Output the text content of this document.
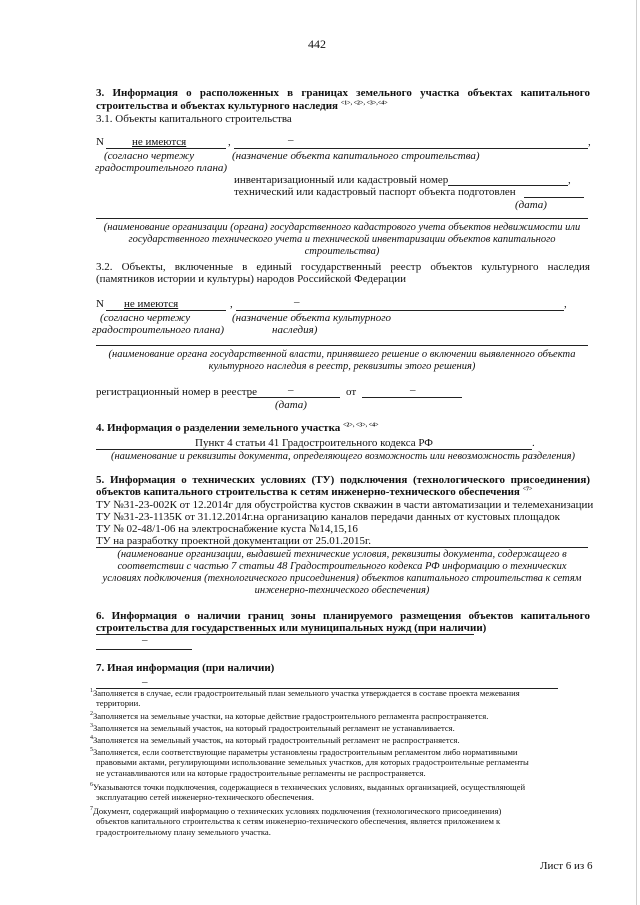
442
3. Информация о расположенных в границах земельного участка объектах капитального
строительства и объектах культурного наследия $^{<1>, <2>, <3>,<4>}$
3.1. Объекты капитального строительства
N	не имеются	,	–	,
(согласно чертежу
градостроительного плана)
(назначение объекта капитального строительства)
инвентаризационный или кадастровый номер	,
технический или кадастровый паспорт объекта подготовлен
(дата)
(наименование организации (органа) государственного кадастрового учета объектов недвижимости или
государственного технического учета и технической инвентаризации объектов капитального
строительства)
3.2. Объекты, включенные в единый государственный реестр объектов культурного наследия
(памятников истории и культуры) народов Российской Федерации
N не имеются	,	–	,
(согласно чертежу
градостроительного плана)
(назначение объекта культурного
наследия)
(наименование органа государственной власти, принявшего решение о включении выявленного объекта
культурного наследия в реестр, реквизиты этого решения)
регистрационный номер в реестре	–	от	–
(дата)
4. Информация о разделении земельного участка $^{<2>, <3>, <4>}$
Пункт 4 статьи 41 Градостроительного кодекса РФ	.
(наименование и реквизиты документа, определяющего возможность или невозможность разделения)
5. Информация о технических условиях (ТУ) подключения (технологического присоединения)
объектов капитального строительства к сетям инженерно-технического обеспечения $^{<7>}$
ТУ №31-23-002К от 12.2014г для обустройства кустов скважин в части автоматизации и телемеханизации
ТУ №31-23-1135К от 31.12.2014г.на организацию каналов передачи данных от кустовых площадок
ТУ № 02-48/1-06 на электроснабжение куста №14,15,16
ТУ на разработку проектной документации от 25.01.2015г.
(наименование организации, выдавшей технические условия, реквизиты документа, содержащего в
соответствии с частью 7 статьи 48 Градостроительного кодекса РФ информацию о технических
условиях подключения (технологического присоединения) объектов капитального строительства к сетям
инженерно-технического обеспечения)
6. Информация о наличии границ зоны планируемого размещения объектов капитального
строительства для государственных или муниципальных нужд (при наличии)
–
7. Иная информация (при наличии)
–
$^1$Заполняется в случае, если градостроительный план земельного участка утверждается в составе проекта межевания
территории.
$^2$Заполняется на земельные участки, на которые действие градостроительного регламента распространяется.
$^3$Заполняется на земельный участок, на который градостроительный регламент не устанавливается.
$^4$Заполняется на земельный участок, на который градостроительный регламент не распространяется.
$^5$Заполняется, если соответствующие параметры установлены градостроительным регламентом либо нормативными
правовыми актами, регулирующими использование земельных участков, для которых градостроительные регламенты
не устанавливаются или на которые градостроительные регламенты не распространяется.
$^6$Указываются точки подключения, содержащиеся в технических условиях, выданных организацией, осуществляющей
эксплуатацию сетей инженерно-технического обеспечения.
$^7$Документ, содержащий информацию о технических условиях подключения (технологического присоединения)
объектов капитального строительства к сетям инженерно-технического обеспечения, является приложением к
градостроительному плану земельного участка.
Лист 6 из 6
